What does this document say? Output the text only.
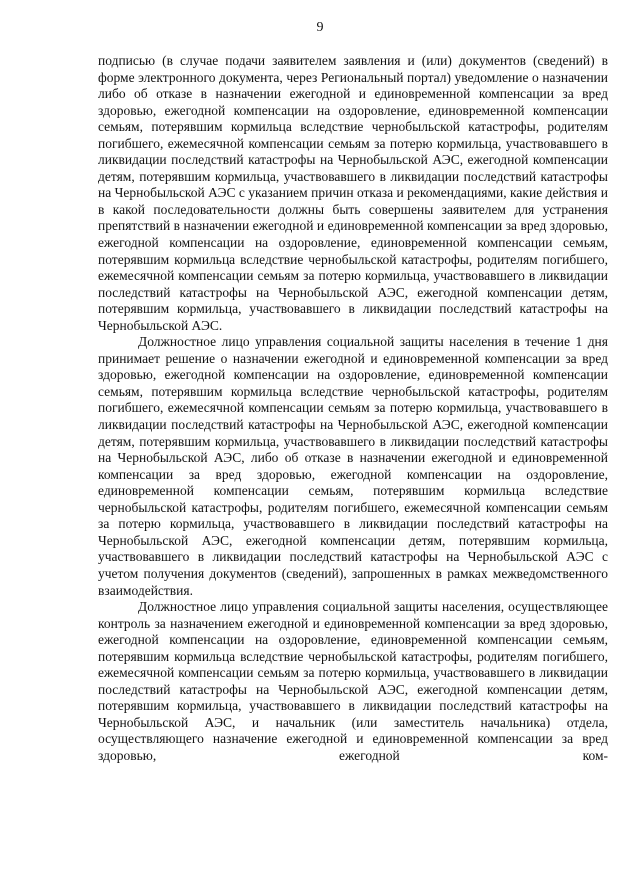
9

подписью (в случае подачи заявителем заявления и (или) документов (сведений) в форме электронного документа, через Региональный портал) уведомление о назначении либо об отказе в назначении ежегодной и единовременной компенсации за вред здоровью, ежегодной компенсации на оздоровление, единовременной компенсации семьям, потерявшим кормильца вследствие чернобыльской катастрофы, родителям погибшего, ежемесячной компенсации семьям за потерю кормильца, участвовавшего в ликвидации последствий катастрофы на Чернобыльской АЭС, ежегодной компенсации детям, потерявшим кормильца, участвовавшего в ликвидации последствий катастрофы на Чернобыльской АЭС с указанием причин отказа и рекомендациями, какие действия и в какой последовательности должны быть совершены заявителем для устранения препятствий в назначении ежегодной и единовременной компенсации за вред здоровью, ежегодной компенсации на оздоровление, единовременной компенсации семьям, потерявшим кормильца вследствие чернобыльской катастрофы, родителям погибшего, ежемесячной компенсации семьям за потерю кормильца, участвовавшего в ликвидации последствий катастрофы на Чернобыльской АЭС, ежегодной компенсации детям, потерявшим кормильца, участвовавшего в ликвидации последствий катастрофы на Чернобыльской АЭС.

Должностное лицо управления социальной защиты населения в течение 1 дня принимает решение о назначении ежегодной и единовременной компенсации за вред здоровью, ежегодной компенсации на оздоровление, единовременной компенсации семьям, потерявшим кормильца вследствие чернобыльской катастрофы, родителям погибшего, ежемесячной компенсации семьям за потерю кормильца, участвовавшего в ликвидации последствий катастрофы на Чернобыльской АЭС, ежегодной компенсации детям, потерявшим кормильца, участвовавшего в ликвидации последствий катастрофы на Чернобыльской АЭС, либо об отказе в назначении ежегодной и единовременной компенсации за вред здоровью, ежегодной компенсации на оздоровление, единовременной компенсации семьям, потерявшим кормильца вследствие чернобыльской катастрофы, родителям погибшего, ежемесячной компенсации семьям за потерю кормильца, участвовавшего в ликвидации последствий катастрофы на Чернобыльской АЭС, ежегодной компенсации детям, потерявшим кормильца, участвовавшего в ликвидации последствий катастрофы на Чернобыльской АЭС с учетом получения документов (сведений), запрошенных в рамках межведомственного взаимодействия.

Должностное лицо управления социальной защиты населения, осуществляющее контроль за назначением ежегодной и единовременной компенсации за вред здоровью, ежегодной компенсации на оздоровление, единовременной компенсации семьям, потерявшим кормильца вследствие чернобыльской катастрофы, родителям погибшего, ежемесячной компенсации семьям за потерю кормильца, участвовавшего в ликвидации последствий катастрофы на Чернобыльской АЭС, ежегодной компенсации детям, потерявшим кормильца, участвовавшего в ликвидации последствий катастрофы на Чернобыльской АЭС, и начальник (или заместитель начальника) отдела, осуществляющего назначение ежегодной и единовременной компенсации за вред здоровью, ежегодной ком-
